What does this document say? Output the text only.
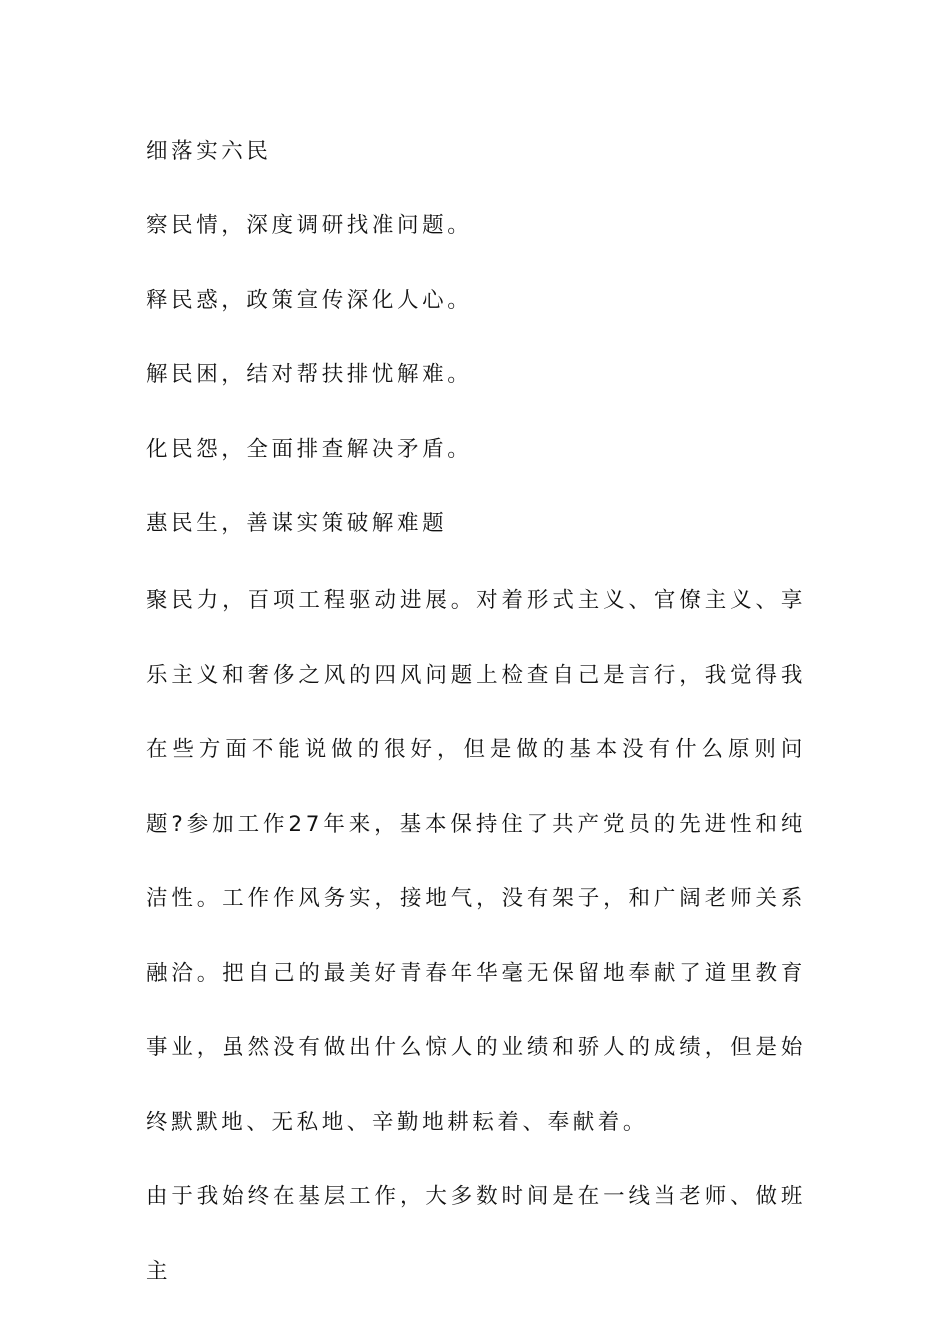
细落实六民
察民情，深度调研找准问题。
释民惑，政策宣传深化人心。
解民困，结对帮扶排忧解难。
化民怨，全面排查解决矛盾。
惠民生，善谋实策破解难题

聚民力，百项工程驱动进展。对着形式主义、官僚主义、享乐主义和奢侈之风的四风问题上检查自己是言行，我觉得我在些方面不能说做的很好，但是做的基本没有什么原则问题?参加工作27年来，基本保持住了共产党员的先进性和纯洁性。工作作风务实，接地气，没有架子，和广阔老师关系融洽。把自己的最美好青春年华毫无保留地奉献了道里教育事业，虽然没有做出什么惊人的业绩和骄人的成绩，但是始终默默地、无私地、辛勤地耕耘着、奉献着。

由于我始终在基层工作，大多数时间是在一线当老师、做班主
